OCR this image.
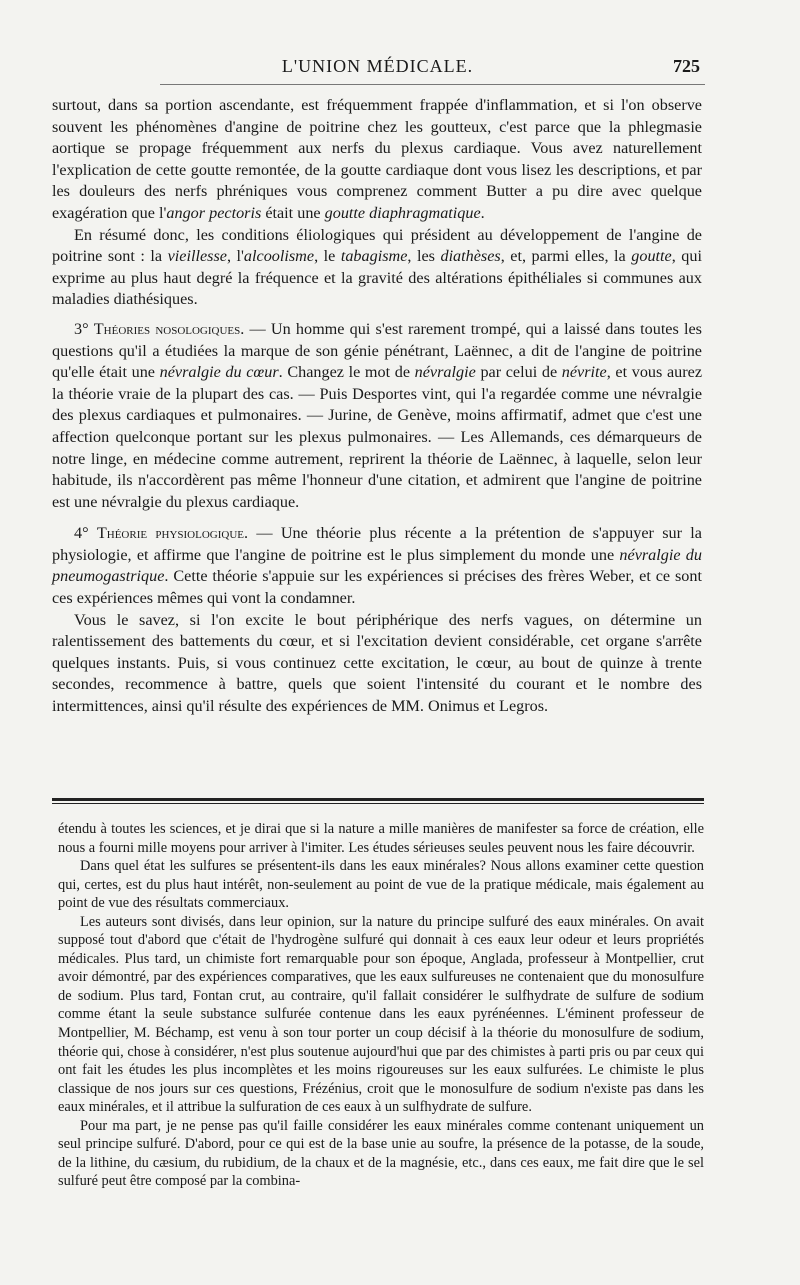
L'UNION MÉDICALE.	725

surtout, dans sa portion ascendante, est fréquemment frappée d'inflammation, et si l'on observe souvent les phénomènes d'angine de poitrine chez les goutteux, c'est parce que la phlegmasie aortique se propage fréquemment aux nerfs du plexus cardiaque. Vous avez naturellement l'explication de cette goutte remontée, de la goutte cardiaque dont vous lisez les descriptions, et par les douleurs des nerfs phréniques vous comprenez comment Butter a pu dire avec quelque exagération que l'angor pectoris était une goutte diaphragmatique.

En résumé donc, les conditions éliologiques qui président au développement de l'angine de poitrine sont : la vieillesse, l'alcoolisme, le tabagisme, les diathèses, et, parmi elles, la goutte, qui exprime au plus haut degré la fréquence et la gravité des altérations épithéliales si communes aux maladies diathésiques.

3° Théories nosologiques. — Un homme qui s'est rarement trompé, qui a laissé dans toutes les questions qu'il a étudiées la marque de son génie pénétrant, Laënnec, a dit de l'angine de poitrine qu'elle était une névralgie du cœur. Changez le mot de névralgie par celui de névrite, et vous aurez la théorie vraie de la plupart des cas. — Puis Desportes vint, qui l'a regardée comme une névralgie des plexus cardiaques et pulmonaires. — Jurine, de Genève, moins affirmatif, admet que c'est une affection quelconque portant sur les plexus pulmonaires. — Les Allemands, ces démarqueurs de notre linge, en médecine comme autrement, reprirent la théorie de Laënnec, à laquelle, selon leur habitude, ils n'accordèrent pas même l'honneur d'une citation, et admirent que l'angine de poitrine est une névralgie du plexus cardiaque.

4° Théorie physiologique. — Une théorie plus récente a la prétention de s'appuyer sur la physiologie, et affirme que l'angine de poitrine est le plus simplement du monde une névralgie du pneumogastrique. Cette théorie s'appuie sur les expériences si précises des frères Weber, et ce sont ces expériences mêmes qui vont la condamner.

Vous le savez, si l'on excite le bout périphérique des nerfs vagues, on détermine un ralentissement des battements du cœur, et si l'excitation devient considérable, cet organe s'arrête quelques instants. Puis, si vous continuez cette excitation, le cœur, au bout de quinze à trente secondes, recommence à battre, quels que soient l'intensité du courant et le nombre des intermittences, ainsi qu'il résulte des expériences de MM. Onimus et Legros.

étendu à toutes les sciences, et je dirai que si la nature a mille manières de manifester sa force de création, elle nous a fourni mille moyens pour arriver à l'imiter. Les études sérieuses seules peuvent nous les faire découvrir.

Dans quel état les sulfures se présentent-ils dans les eaux minérales? Nous allons examiner cette question qui, certes, est du plus haut intérêt, non-seulement au point de vue de la pratique médicale, mais également au point de vue des résultats commerciaux.

Les auteurs sont divisés, dans leur opinion, sur la nature du principe sulfuré des eaux minérales. On avait supposé tout d'abord que c'était de l'hydrogène sulfuré qui donnait à ces eaux leur odeur et leurs propriétés médicales. Plus tard, un chimiste fort remarquable pour son époque, Anglada, professeur à Montpellier, crut avoir démontré, par des expériences comparatives, que les eaux sulfureuses ne contenaient que du monosulfure de sodium. Plus tard, Fontan crut, au contraire, qu'il fallait considérer le sulfhydrate de sulfure de sodium comme étant la seule substance sulfurée contenue dans les eaux pyrénéennes. L'éminent professeur de Montpellier, M. Béchamp, est venu à son tour porter un coup décisif à la théorie du monosulfure de sodium, théorie qui, chose à considérer, n'est plus soutenue aujourd'hui que par des chimistes à parti pris ou par ceux qui ont fait les études les plus incomplètes et les moins rigoureuses sur les eaux sulfurées. Le chimiste le plus classique de nos jours sur ces questions, Frézénius, croit que le monosulfure de sodium n'existe pas dans les eaux minérales, et il attribue la sulfuration de ces eaux à un sulfhydrate de sulfure.

Pour ma part, je ne pense pas qu'il faille considérer les eaux minérales comme contenant uniquement un seul principe sulfuré. D'abord, pour ce qui est de la base unie au soufre, la présence de la potasse, de la soude, de la lithine, du cæsium, du rubidium, de la chaux et de la magnésie, etc., dans ces eaux, me fait dire que le sel sulfuré peut être composé par la combina-
